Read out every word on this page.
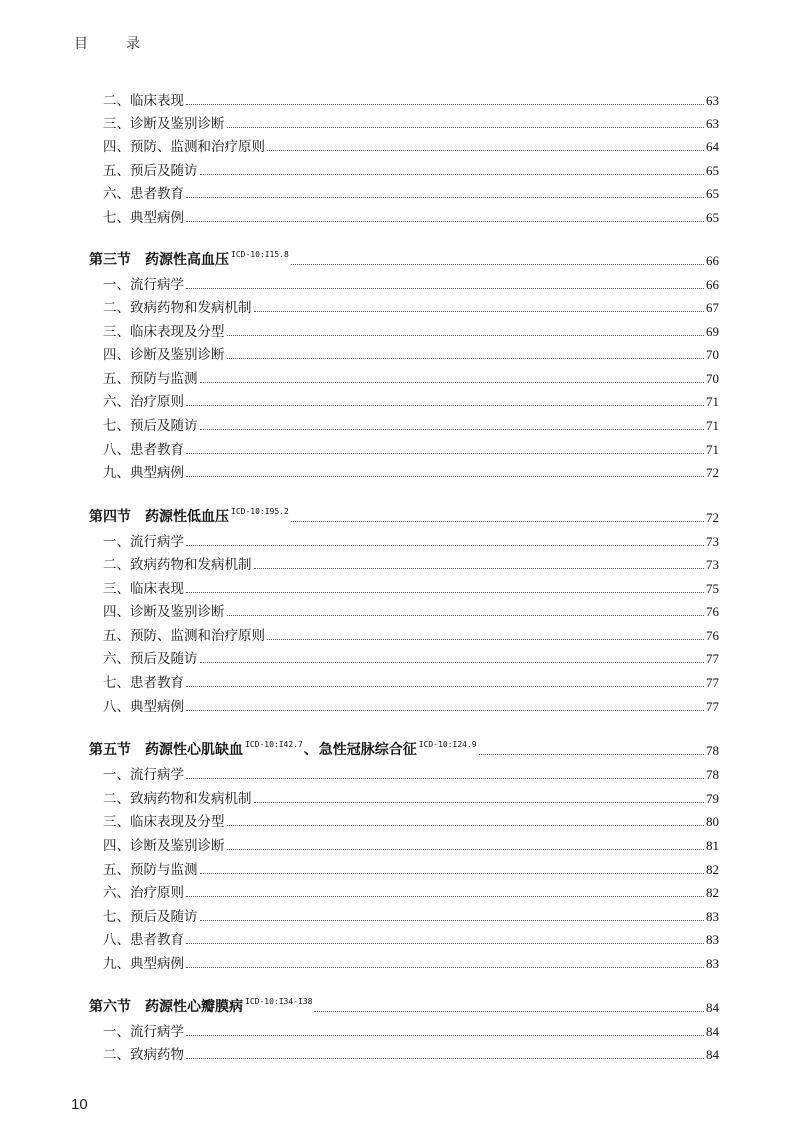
目　录
二、临床表现	63
三、诊断及鉴别诊断	63
四、预防、监测和治疗原则	64
五、预后及随访	65
六、患者教育	65
七、典型病例	65
第三节 药源性高血压 $^{ICD-10:I15.8}$	66
一、流行病学	66
二、致病药物和发病机制	67
三、临床表现及分型	69
四、诊断及鉴别诊断	70
五、预防与监测	70
六、治疗原则	71
七、预后及随访	71
八、患者教育	71
九、典型病例	72
第四节 药源性低血压 $^{ICD-10:I95.2}$	72
一、流行病学	73
二、致病药物和发病机制	73
三、临床表现	75
四、诊断及鉴别诊断	76
五、预防、监测和治疗原则	76
六、预后及随访	77
七、患者教育	77
八、典型病例	77
第五节 药源性心肌缺血 $^{ICD-10:I42.7}$、急性冠脉综合征 $^{ICD-10:I24.9}$	78
一、流行病学	78
二、致病药物和发病机制	79
三、临床表现及分型	80
四、诊断及鉴别诊断	81
五、预防与监测	82
六、治疗原则	82
七、预后及随访	83
八、患者教育	83
九、典型病例	83
第六节 药源性心瓣膜病 $^{ICD-10:I34-I38}$	84
一、流行病学	84
二、致病药物	84
10
